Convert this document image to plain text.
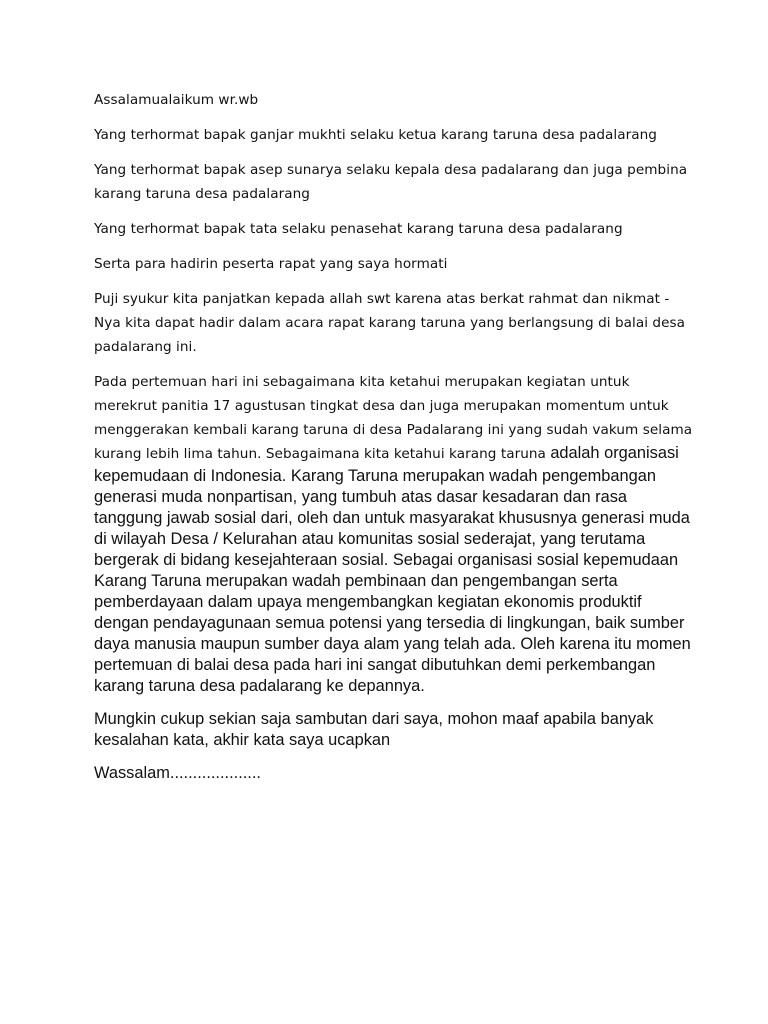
Assalamualaikum wr.wb

Yang terhormat bapak ganjar mukhti selaku ketua karang taruna desa padalarang

Yang terhormat bapak asep sunarya selaku kepala desa padalarang dan juga pembina karang taruna desa padalarang

Yang terhormat bapak tata selaku penasehat karang taruna desa padalarang

Serta para hadirin peserta rapat yang saya hormati

Puji syukur kita panjatkan kepada allah swt karena atas berkat rahmat dan nikmat -Nya kita dapat hadir dalam acara rapat karang taruna yang berlangsung di balai desa padalarang ini.

Pada pertemuan hari ini sebagaimana kita ketahui merupakan kegiatan untuk merekrut panitia 17 agustusan tingkat desa dan juga merupakan momentum untuk menggerakan kembali karang taruna di desa Padalarang ini yang sudah vakum selama kurang lebih lima tahun. Sebagaimana kita ketahui karang taruna adalah organisasi kepemudaan di Indonesia. Karang Taruna merupakan wadah pengembangan generasi muda nonpartisan, yang tumbuh atas dasar kesadaran dan rasa tanggung jawab sosial dari, oleh dan untuk masyarakat khususnya generasi muda di wilayah Desa / Kelurahan atau komunitas sosial sederajat, yang terutama bergerak di bidang kesejahteraan sosial. Sebagai organisasi sosial kepemudaan Karang Taruna merupakan wadah pembinaan dan pengembangan serta pemberdayaan dalam upaya mengembangkan kegiatan ekonomis produktif dengan pendayagunaan semua potensi yang tersedia di lingkungan, baik sumber daya manusia maupun sumber daya alam yang telah ada. Oleh karena itu momen pertemuan di balai desa pada hari ini sangat dibutuhkan demi perkembangan karang taruna desa padalarang ke depannya.

Mungkin cukup sekian saja sambutan dari saya, mohon maaf apabila banyak kesalahan kata, akhir kata saya ucapkan

Wassalam....................
